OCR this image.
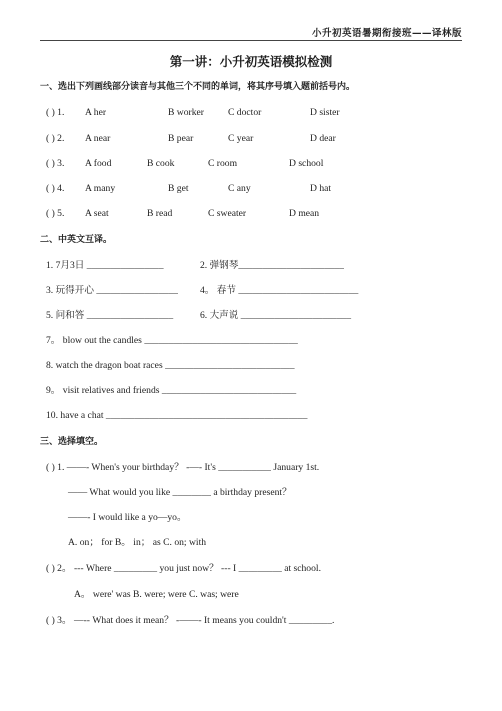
小升初英语暑期衔接班——译林版
第一讲：小升初英语模拟检测
一、选出下列画线部分读音与其他三个不同的单词，将其序号填入题前括号内。
( ) 1. A her	B worker	C doctor	D sister
( ) 2. A near	B pear	C year	D dear
( ) 3. A food	B cook	C room	D school
( ) 4. A many	B get	C any	D hat
( ) 5. A seat	B read	C sweater	D mean
二、中英文互译。
1. 7月3日 ________________	2. 弹钢琴______________________
3. 玩得开心 _________________ 4。 春节 _________________________
5. 问和答 __________________	6. 大声说 _______________________
7。 blow out the candles ________________________________
8. watch the dragon boat races ___________________________
9。 visit relatives and friends ____________________________
10. have a chat __________________________________________
三、选择填空。
( ) 1. ——- When's your birthday？ -—- It's ___________ January 1st.
—— What would you like ________ a birthday present？
——- I would like a yo—yo。
A. on； for B。 in； as C. on; with
( ) 2。 --- Where _________ you just now？ --- I _________ at school.
A。 were' was B. were; were C. was; were
( ) 3。 —-- What does it mean？ -——- It means you couldn't _________.
